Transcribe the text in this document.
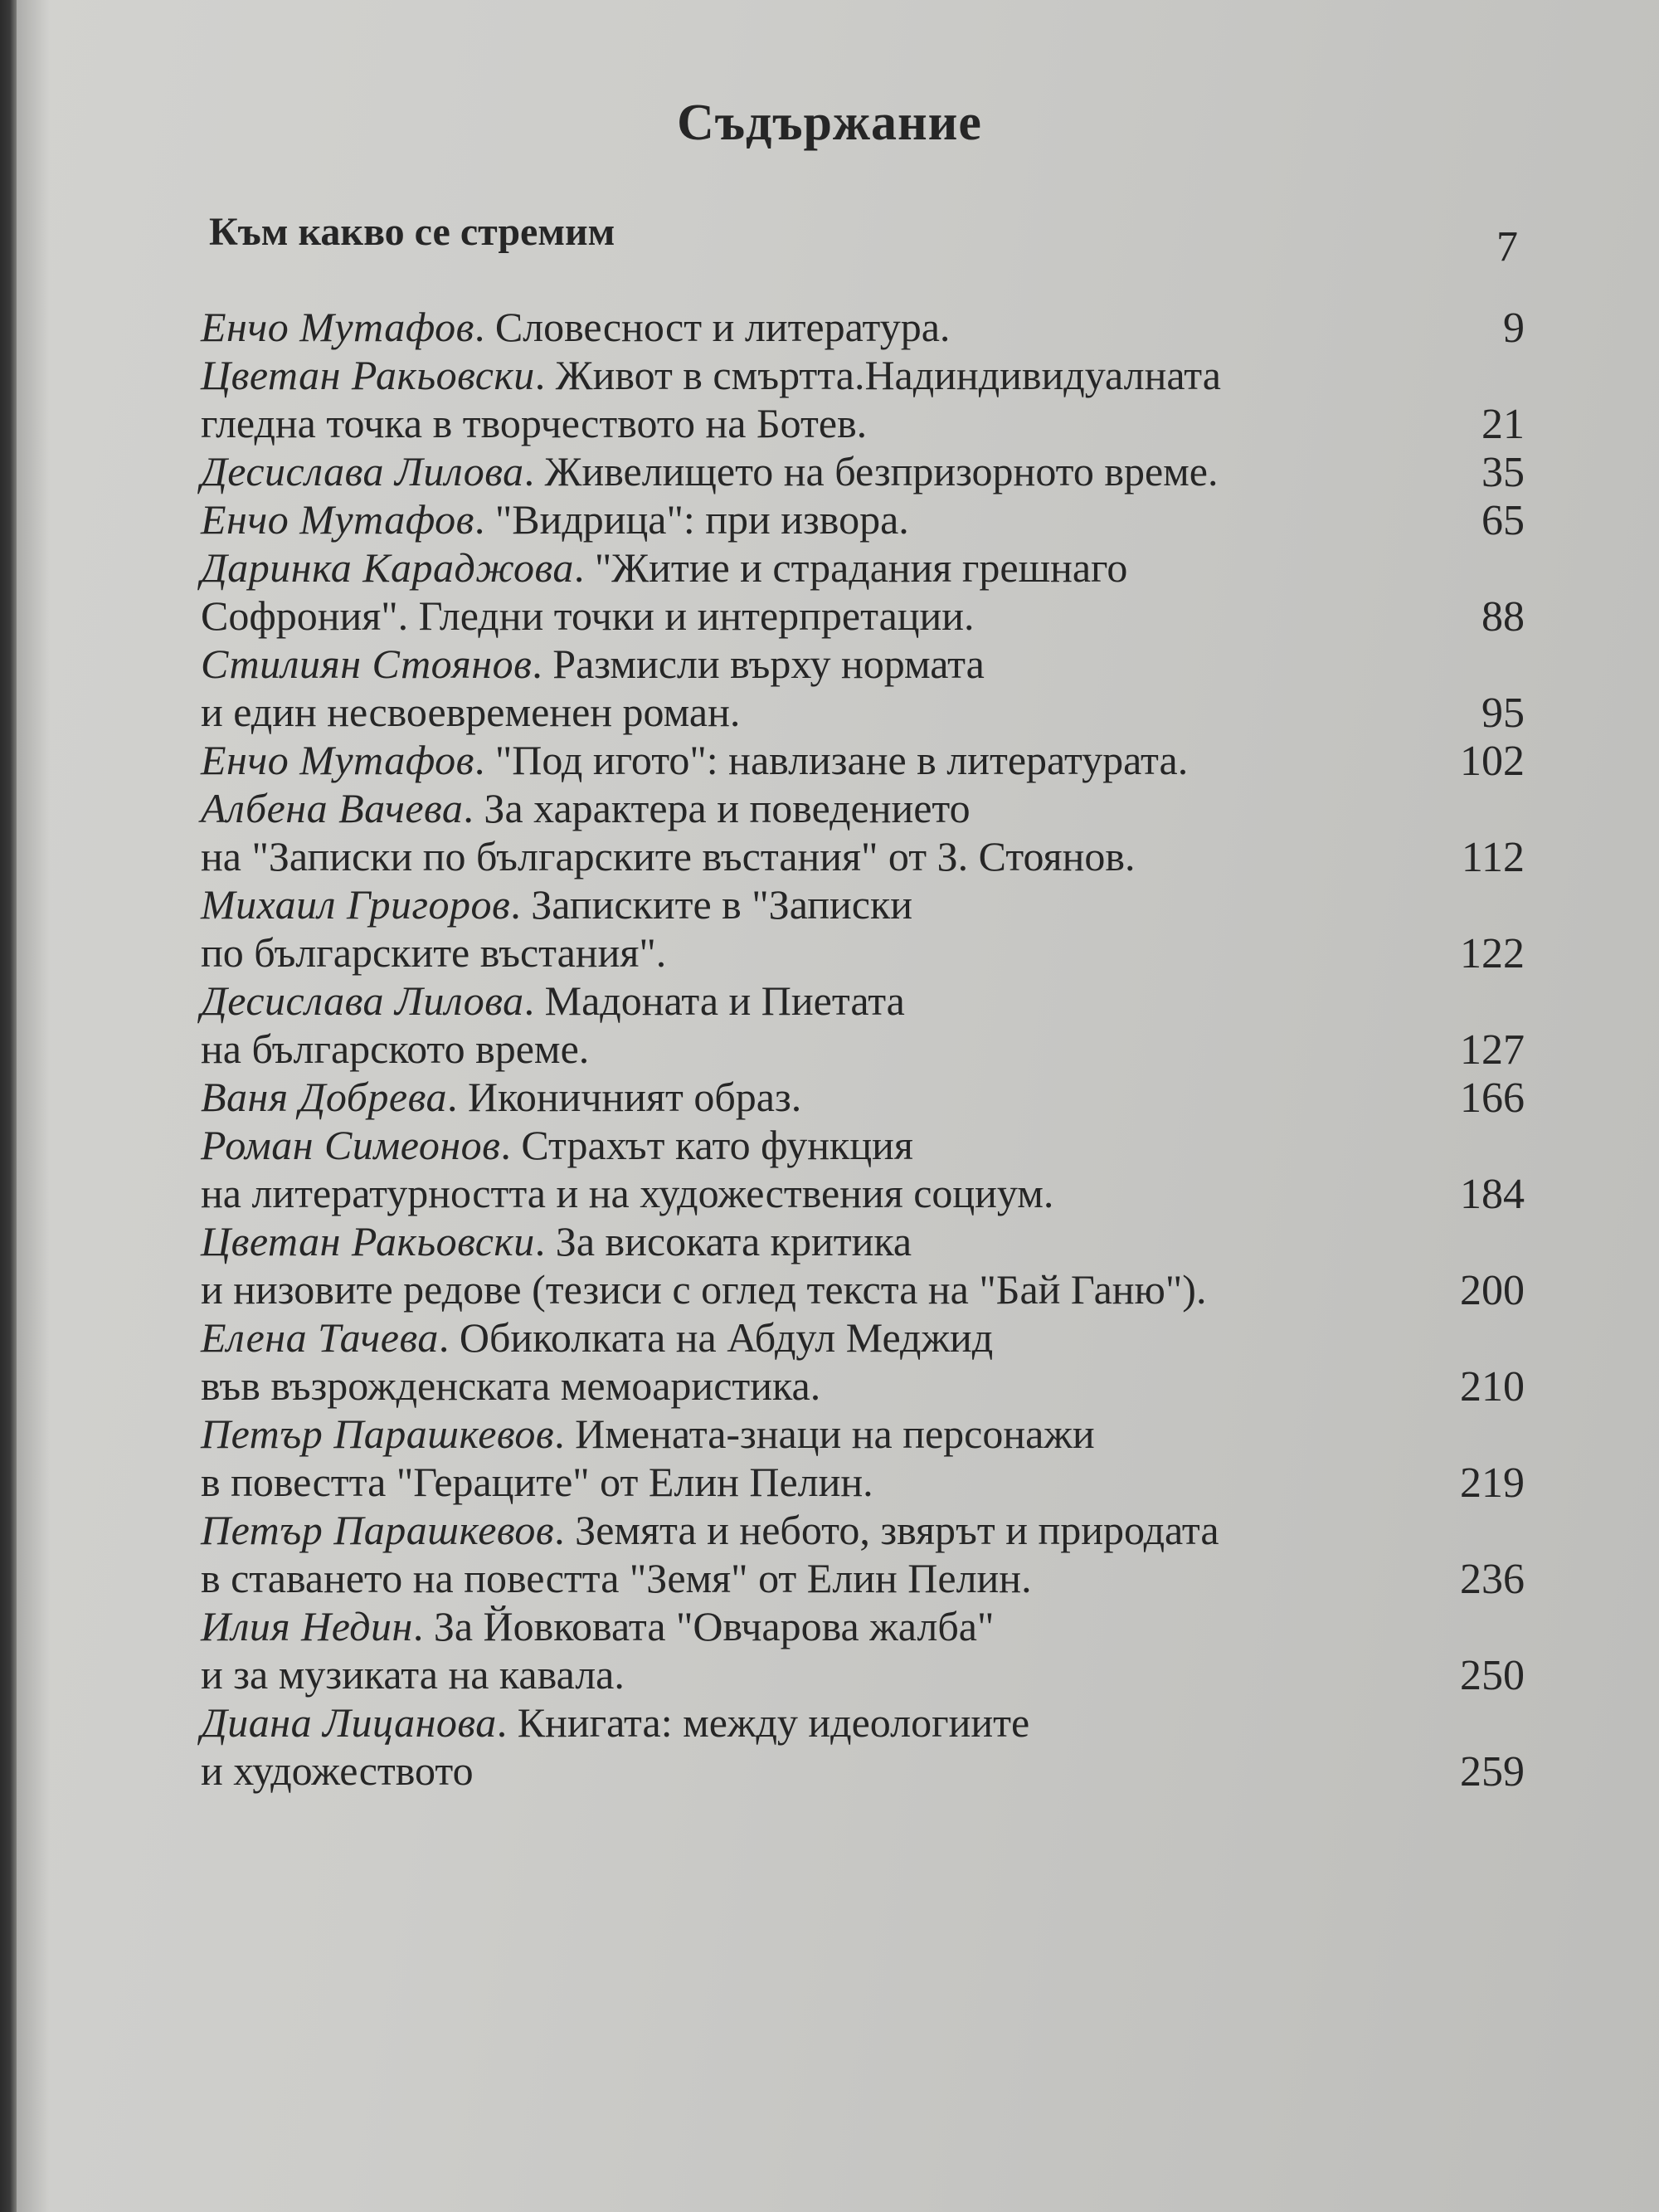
Съдържание
Към какво се стремим	7
Енчо Мутафов. Словесност и литература.	9
Цветан Ракьовски. Живот в смъртта.Надиндивидуалната
гледна точка в творчеството на Ботев.	21
Десислава Лилова. Живелището на безпризорното време.	35
Енчо Мутафов. "Видрица": при извора.	65
Даринка Караджова. "Житие и страдания грешнаго
Софрония". Гледни точки и интерпретации.	88
Стилиян Стоянов. Размисли върху нормата
и един несвоевременен роман.	95
Енчо Мутафов. "Под игото": навлизане в литературата.	102
Албена Вачева. За характера и поведението
на "Записки по българските въстания" от З. Стоянов.	112
Михаил Григоров. Записките в "Записки
по българските въстания".	122
Десислава Лилова. Мадоната и Пиетата
на българското време.	127
Ваня Добрева. Иконичният образ.	166
Роман Симеонов. Страхът като функция
на литературността и на художествения социум.	184
Цветан Ракьовски. За високата критика
и низовите редове (тезиси с оглед текста на "Бай Ганю").	200
Елена Тачева. Обиколката на Абдул Меджид
във възрожденската мемоаристика.	210
Петър Парашкевов. Имената-знаци на персонажи
в повестта "Гераците" от Елин Пелин.	219
Петър Парашкевов. Земята и небото, звярът и природата
в ставането на повестта "Земя" от Елин Пелин.	236
Илия Недин. За Йовковата "Овчарова жалба"
и за музиката на кавала.	250
Диана Лицанова. Книгата: между идеологиите
и художеството	259
